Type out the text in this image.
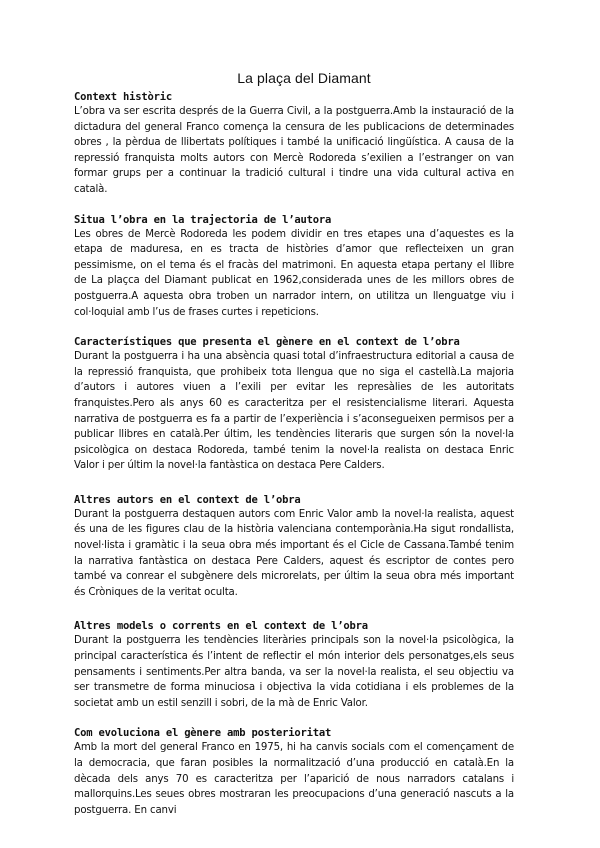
La plaça del Diamant
Context històric

L’obra va ser escrita després de la Guerra Civil, a la postguerra.Amb la instauració de la dictadura del general Franco comença la censura de les publicacions de determinades obres , la pèrdua de llibertats polítiques i també la unificació lingüística. A causa de la repressió franquista molts autors con Mercè Rodoreda s’exilien a l’estranger on van formar grups per a continuar la tradició cultural i tindre una vida cultural activa en català.

Situa l’obra en la trajectoria de l’autora

Les obres de Mercè Rodoreda les podem dividir en tres etapes una d’aquestes es la etapa de maduresa, en es tracta de històries d’amor que reflecteixen un gran pessimisme, on el tema és el fracàs del matrimoni. En aquesta etapa pertany el llibre de La plaçca del Diamant publicat en 1962,considerada unes de les millors obres de postguerra.A aquesta obra troben un narrador intern, on utilitza un llenguatge viu i col·loquial amb l’us de frases curtes i repeticions.

Característiques que presenta el gènere en el context de l’obra

Durant la postguerra i ha una absència quasi total d’infraestructura editorial a causa de la repressió franquista, que prohibeix tota llengua que no siga el castellà.La majoria d’autors i autores viuen a l’exili per evitar les represàlies de les autoritats franquistes.Pero als anys 60 es caracteritza per el resistencialisme literari. Aquesta narrativa de postguerra es fa a partir de l’experiència i s’aconsegueixen permisos per a publicar llibres en català.Per últim, les tendències literaris que surgen són la novel·la psicològica on destaca Rodoreda, també tenim la novel·la realista on destaca Enric Valor i per últim la novel·la fantàstica on destaca Pere Calders.

Altres autors en el context de l’obra

Durant la postguerra destaquen autors com Enric Valor amb la novel·la realista, aquest és una de les figures clau de la història valenciana contemporània.Ha sigut rondallista, novel·lista i gramàtic i la seua obra més important és el Cicle de Cassana.També tenim la narrativa fantàstica on destaca Pere Calders, aquest és escriptor de contes pero també va conrear el subgènere dels microrelats, per últim la seua obra més important és Cròniques de la veritat oculta.

Altres models o corrents en el context de l’obra

Durant la postguerra les tendències literàries principals son la novel·la psicològica, la principal característica és l’intent de reflectir el món interior dels personatges,els seus pensaments i sentiments.Per altra banda, va ser la novel·la realista, el seu objectiu va ser transmetre de forma minuciosa i objectiva la vida cotidiana i els problemes de la societat amb un estil senzill i sobri, de la mà de Enric Valor.

Com evoluciona el gènere amb posterioritat

Amb la mort del general Franco en 1975, hi ha canvis socials com el començament de la democracia, que faran posibles la normalització d’una producció en català.En la dècada dels anys 70 es caracteritza per l’aparició de nous narradors catalans i mallorquins.Les seues obres mostraran les preocupacions d’una generació nascuts a la postguerra. En canvi
